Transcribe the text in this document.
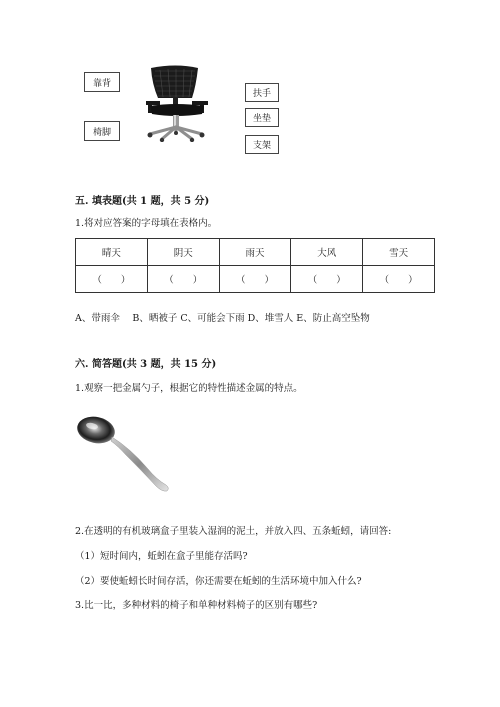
靠背
椅脚
扶手
坐垫
支架
五. 填表题(共 1 题，共 5 分)
1.将对应答案的字母填在表格内。
晴天	阴天	雨天	大风	雪天
（　　）	（　　）	（　　）	（　　）	（　　）
A、带雨伞　 B、晒被子 C、可能会下雨 D、堆雪人 E、防止高空坠物
六. 简答题(共 3 题，共 15 分)
1.观察一把金属勺子，根据它的特性描述金属的特点。
2.在透明的有机玻璃盒子里装入湿润的泥土，并放入四、五条蚯蚓，请回答:
（1）短时间内，蚯蚓在盒子里能存活吗?
（2）要使蚯蚓长时间存活，你还需要在蚯蚓的生活环境中加入什么?
3.比一比，多种材料的椅子和单种材料椅子的区别有哪些?
